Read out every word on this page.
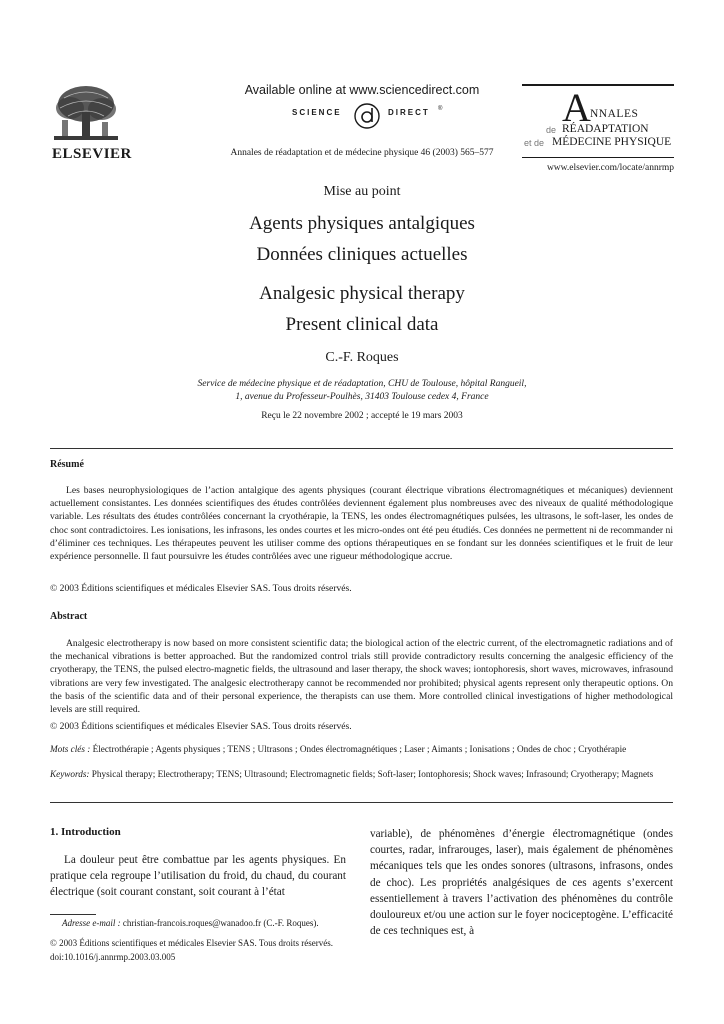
ELSEVIER
Available online at www.sciencedirect.com
SCIENCE	DIRECT ®
Annales de réadaptation et de médecine physique 46 (2003) 565–577
A NNALES
de RÉADAPTATION
et de MÉDECINE PHYSIQUE
www.elsevier.com/locate/annrmp
Mise au point
Agents physiques antalgiques
Données cliniques actuelles
Analgesic physical therapy
Present clinical data
C.-F. Roques
Service de médecine physique et de réadaptation, CHU de Toulouse, hôpital Rangueil,
1, avenue du Professeur-Poulhès, 31403 Toulouse cedex 4, France
Reçu le 22 novembre 2002 ; accepté le 19 mars 2003
Résumé

Les bases neurophysiologiques de l’action antalgique des agents physiques (courant électrique vibrations électromagnétiques et mécaniques) deviennent actuellement consistantes. Les données scientifiques des études contrôlées deviennent également plus nombreuses avec des niveaux de qualité méthodologique variable. Les résultats des études contrôlées concernant la cryothérapie, la TENS, les ondes électromagnétiques pulsées, les ultrasons, le soft-laser, les ondes de choc sont contradictoires. Les ionisations, les infrasons, les ondes courtes et les micro-ondes ont été peu étudiés. Ces données ne permettent ni de recommander ni d’éliminer ces techniques. Les thérapeutes peuvent les utiliser comme des options thérapeutiques en se fondant sur les données scientifiques et le fruit de leur expérience personnelle. Il faut poursuivre les études contrôlées avec une rigueur méthodologique accrue.

© 2003 Éditions scientifiques et médicales Elsevier SAS. Tous droits réservés.
Abstract

Analgesic electrotherapy is now based on more consistent scientific data; the biological action of the electric current, of the electromagnetic radiations and of the mechanical vibrations is better approached. But the randomized control trials still provide contradictory results concerning the analgesic efficiency of the cryotherapy, the TENS, the pulsed electro-magnetic fields, the ultrasound and laser therapy, the shock waves; iontophoresis, short waves, microwaves, infrasound vibrations are very few investigated. The analgesic electrotherapy cannot be recommended nor prohibited; physical agents represent only therapeutic options. On the basis of the scientific data and of their personal experience, the therapists can use them. More controlled clinical investigations of higher methodological levels are still required.

© 2003 Éditions scientifiques et médicales Elsevier SAS. Tous droits réservés.
Mots clés : Électrothérapie ; Agents physiques ; TENS ; Ultrasons ; Ondes électromagnétiques ; Laser ; Aimants ; Ionisations ; Ondes de choc ; Cryothérapie
Keywords: Physical therapy; Electrotherapy; TENS; Ultrasound; Electromagnetic fields; Soft-laser; Iontophoresis; Shock waves; Infrasound; Cryotherapy; Magnets
1. Introduction

La douleur peut être combattue par les agents physiques. En pratique cela regroupe l’utilisation du froid, du chaud, du courant électrique (soit courant constant, soit courant à l’état

variable), de phénomènes d’énergie électromagnétique (ondes courtes, radar, infrarouges, laser), mais également de phénomènes mécaniques tels que les ondes sonores (ultrasons, infrasons, ondes de choc). Les propriétés analgésiques de ces agents s’exercent essentiellement à travers l’activation des phénomènes du contrôle douloureux et/ou une action sur le foyer nociceptogène. L’efficacité de ces techniques est, à

Adresse e-mail : christian-francois.roques@wanadoo.fr (C.-F. Roques).
© 2003 Éditions scientifiques et médicales Elsevier SAS. Tous droits réservés.
doi:10.1016/j.annrmp.2003.03.005
